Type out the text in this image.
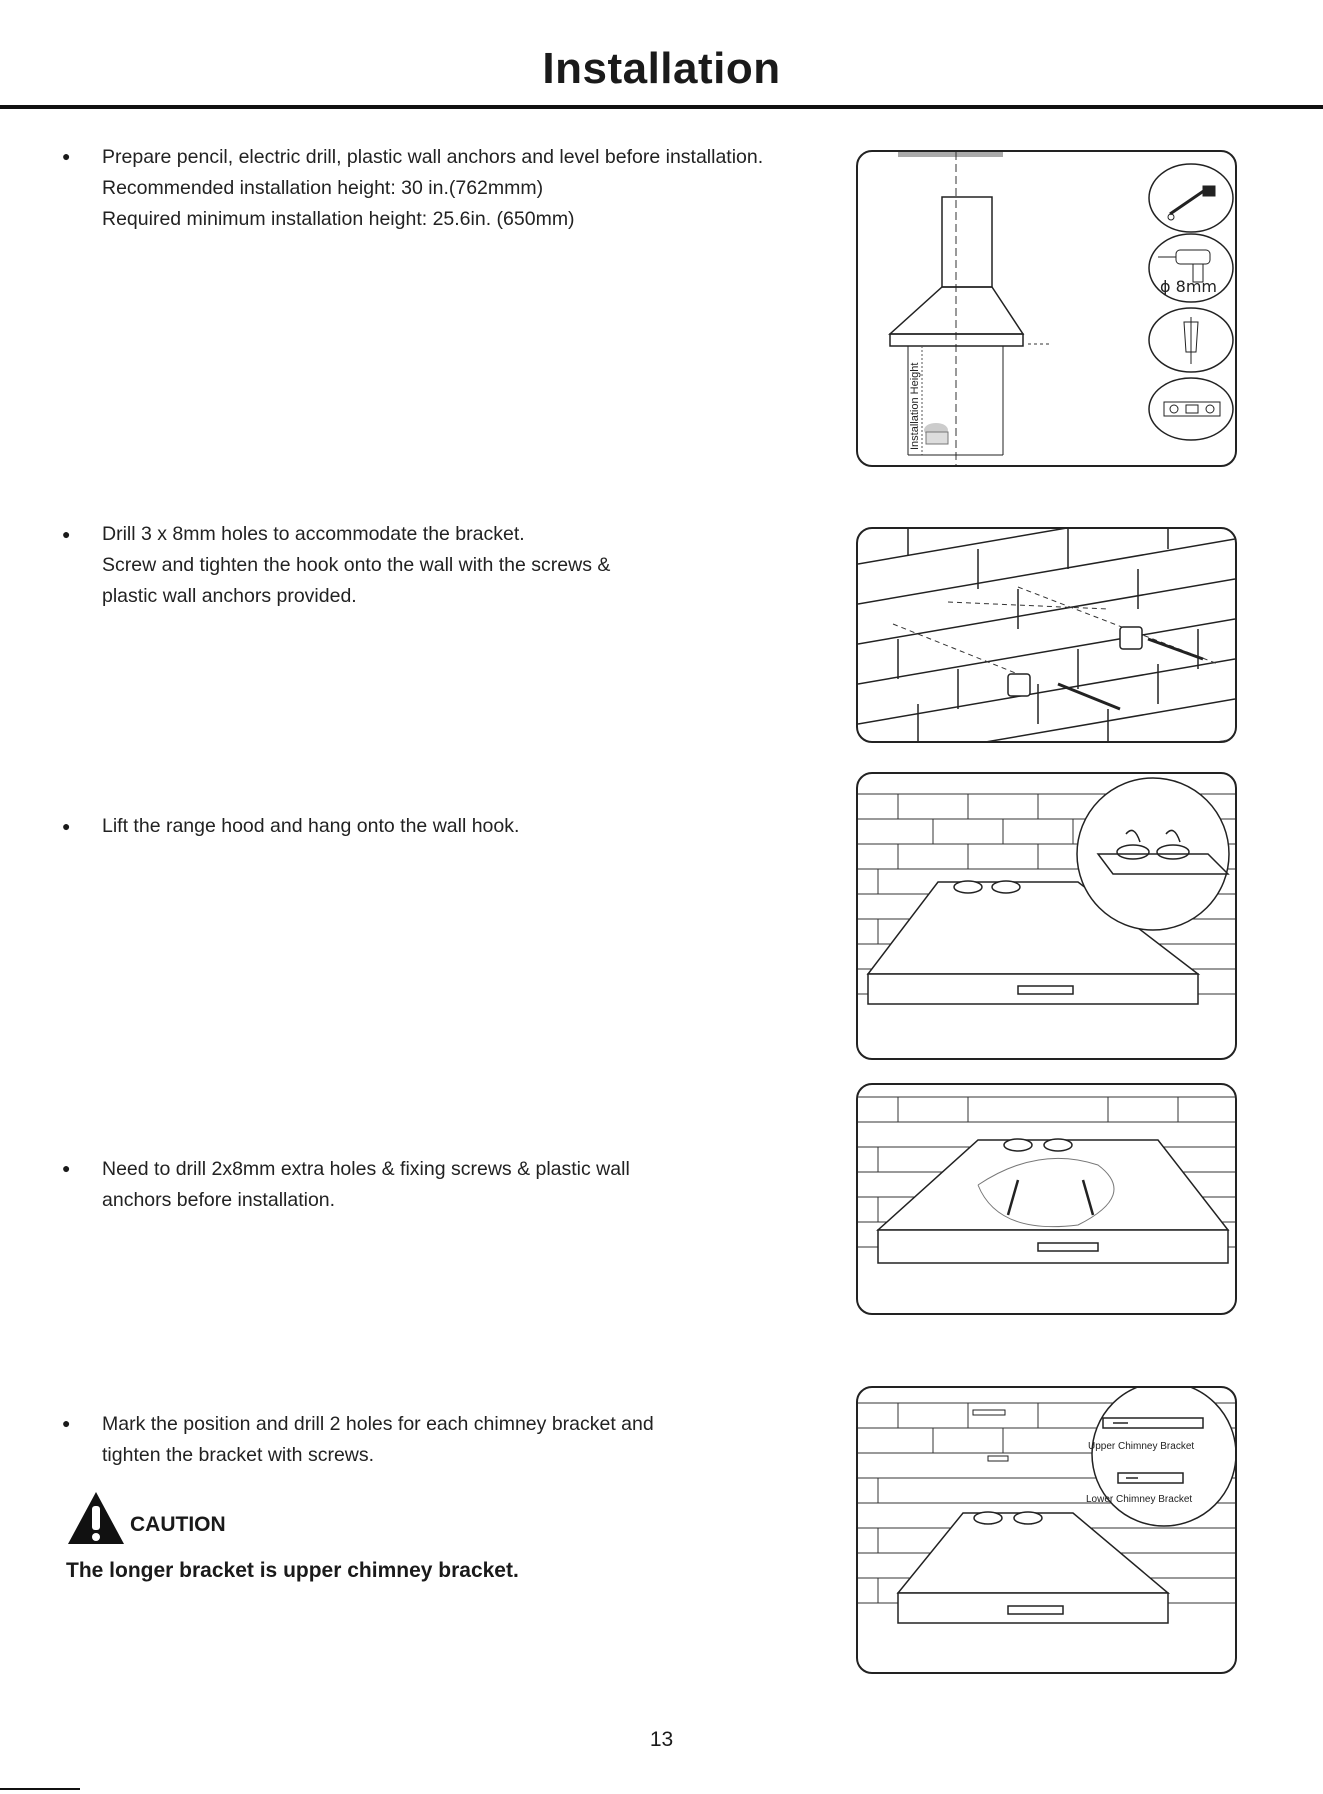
Installation
● Prepare pencil, electric drill, plastic wall anchors and level before installation.
Recommended installation height: 30 in.(762mmm)
Required minimum installation height: 25.6in. (650mm)
● Drill 3 x 8mm holes to accommodate the bracket.
Screw and tighten the hook onto the wall with the screws &
plastic wall anchors provided.
● Lift the range hood and hang onto the wall hook.
● Need to drill 2x8mm extra holes & fixing screws & plastic wall
anchors before installation.
● Mark the position and drill 2 holes for each chimney bracket and
tighten the bracket with screws.
CAUTION
The longer bracket is upper chimney bracket.
Installation Height
ϕ 8mm
Upper Chimney Bracket
Lower Chimney Bracket
13
